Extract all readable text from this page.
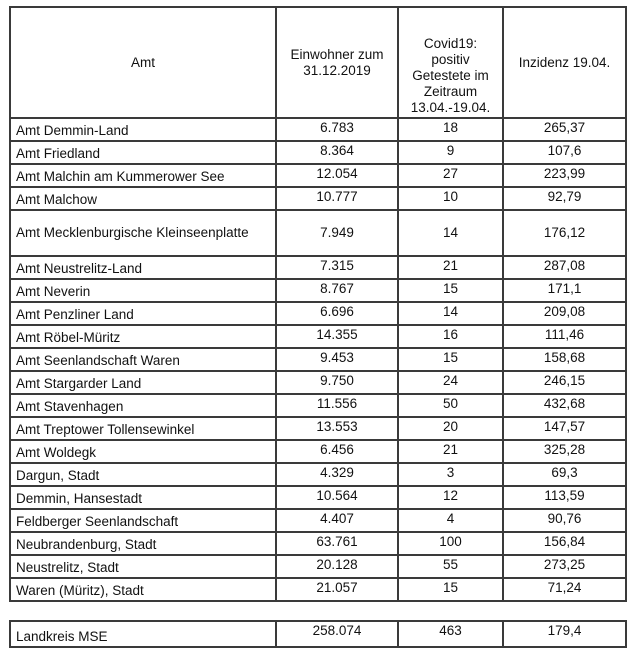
Amt	Einwohner zum 31.12.2019	Covid19: positiv Getestete im Zeitraum 13.04.-19.04.	Inzidenz 19.04.
Amt Demmin-Land	6.783	18	265,37
Amt Friedland	8.364	9	107,6
Amt Malchin am Kummerower See	12.054	27	223,99
Amt Malchow	10.777	10	92,79
Amt Mecklenburgische Kleinseenplatte	7.949	14	176,12
Amt Neustrelitz-Land	7.315	21	287,08
Amt Neverin	8.767	15	171,1
Amt Penzliner Land	6.696	14	209,08
Amt Röbel-Müritz	14.355	16	111,46
Amt Seenlandschaft Waren	9.453	15	158,68
Amt Stargarder Land	9.750	24	246,15
Amt Stavenhagen	11.556	50	432,68
Amt Treptower Tollensewinkel	13.553	20	147,57
Amt Woldegk	6.456	21	325,28
Dargun, Stadt	4.329	3	69,3
Demmin, Hansestadt	10.564	12	113,59
Feldberger Seenlandschaft	4.407	4	90,76
Neubrandenburg, Stadt	63.761	100	156,84
Neustrelitz, Stadt	20.128	55	273,25
Waren (Müritz), Stadt	21.057	15	71,24
Landkreis MSE	258.074	463	179,4
